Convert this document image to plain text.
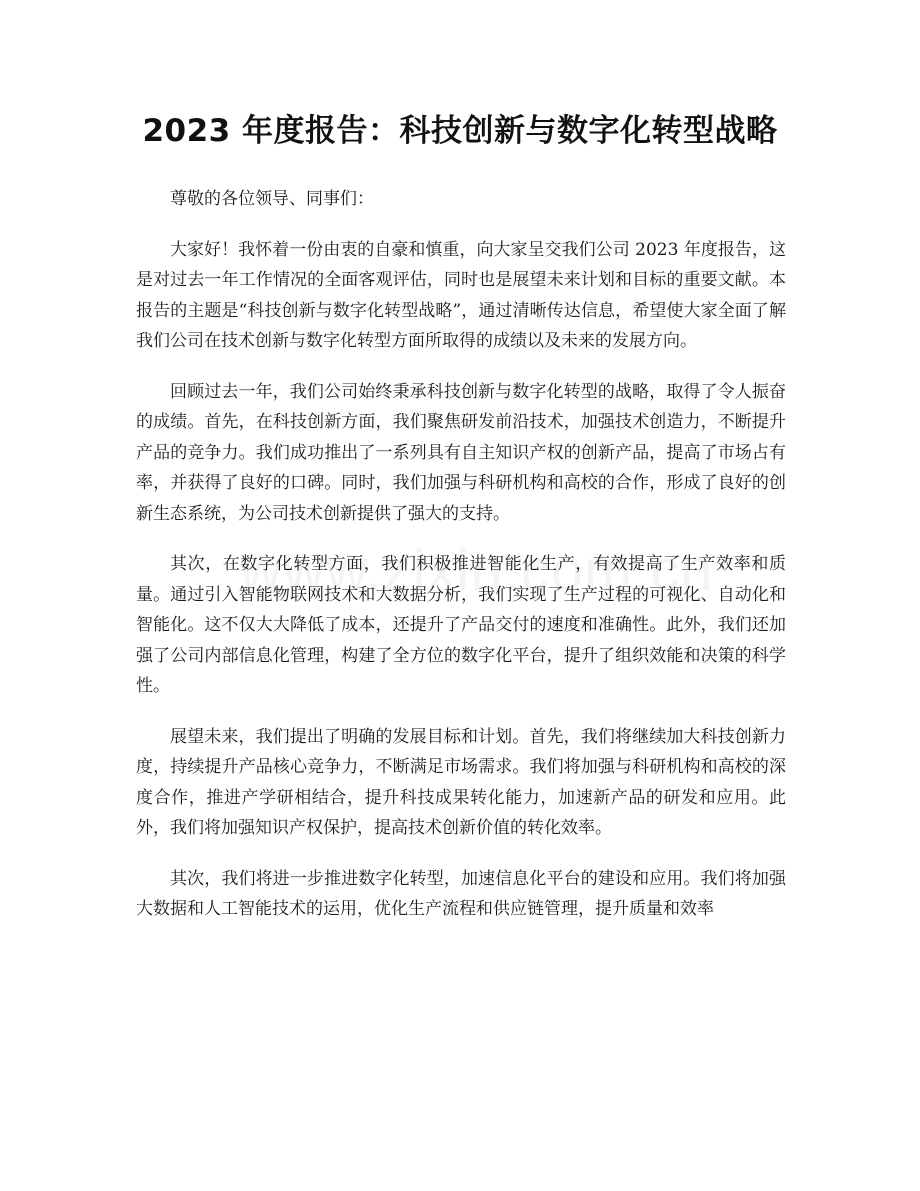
2023 年度报告：科技创新与数字化转型战略

尊敬的各位领导、同事们：

大家好！我怀着一份由衷的自豪和慎重，向大家呈交我们公司 2023 年度报告，这是对过去一年工作情况的全面客观评估，同时也是展望未来计划和目标的重要文献。本报告的主题是“科技创新与数字化转型战略”，通过清晰传达信息，希望使大家全面了解我们公司在技术创新与数字化转型方面所取得的成绩以及未来的发展方向。

回顾过去一年，我们公司始终秉承科技创新与数字化转型的战略，取得了令人振奋的成绩。首先，在科技创新方面，我们聚焦研发前沿技术，加强技术创造力，不断提升产品的竞争力。我们成功推出了一系列具有自主知识产权的创新产品，提高了市场占有率，并获得了良好的口碑。同时，我们加强与科研机构和高校的合作，形成了良好的创新生态系统，为公司技术创新提供了强大的支持。

其次，在数字化转型方面，我们积极推进智能化生产，有效提高了生产效率和质量。通过引入智能物联网技术和大数据分析，我们实现了生产过程的可视化、自动化和智能化。这不仅大大降低了成本，还提升了产品交付的速度和准确性。此外，我们还加强了公司内部信息化管理，构建了全方位的数字化平台，提升了组织效能和决策的科学性。

展望未来，我们提出了明确的发展目标和计划。首先，我们将继续加大科技创新力度，持续提升产品核心竞争力，不断满足市场需求。我们将加强与科研机构和高校的深度合作，推进产学研相结合，提升科技成果转化能力，加速新产品的研发和应用。此外，我们将加强知识产权保护，提高技术创新价值的转化效率。

其次，我们将进一步推进数字化转型，加速信息化平台的建设和应用。我们将加强大数据和人工智能技术的运用，优化生产流程和供应链管理，提升质量和效率
